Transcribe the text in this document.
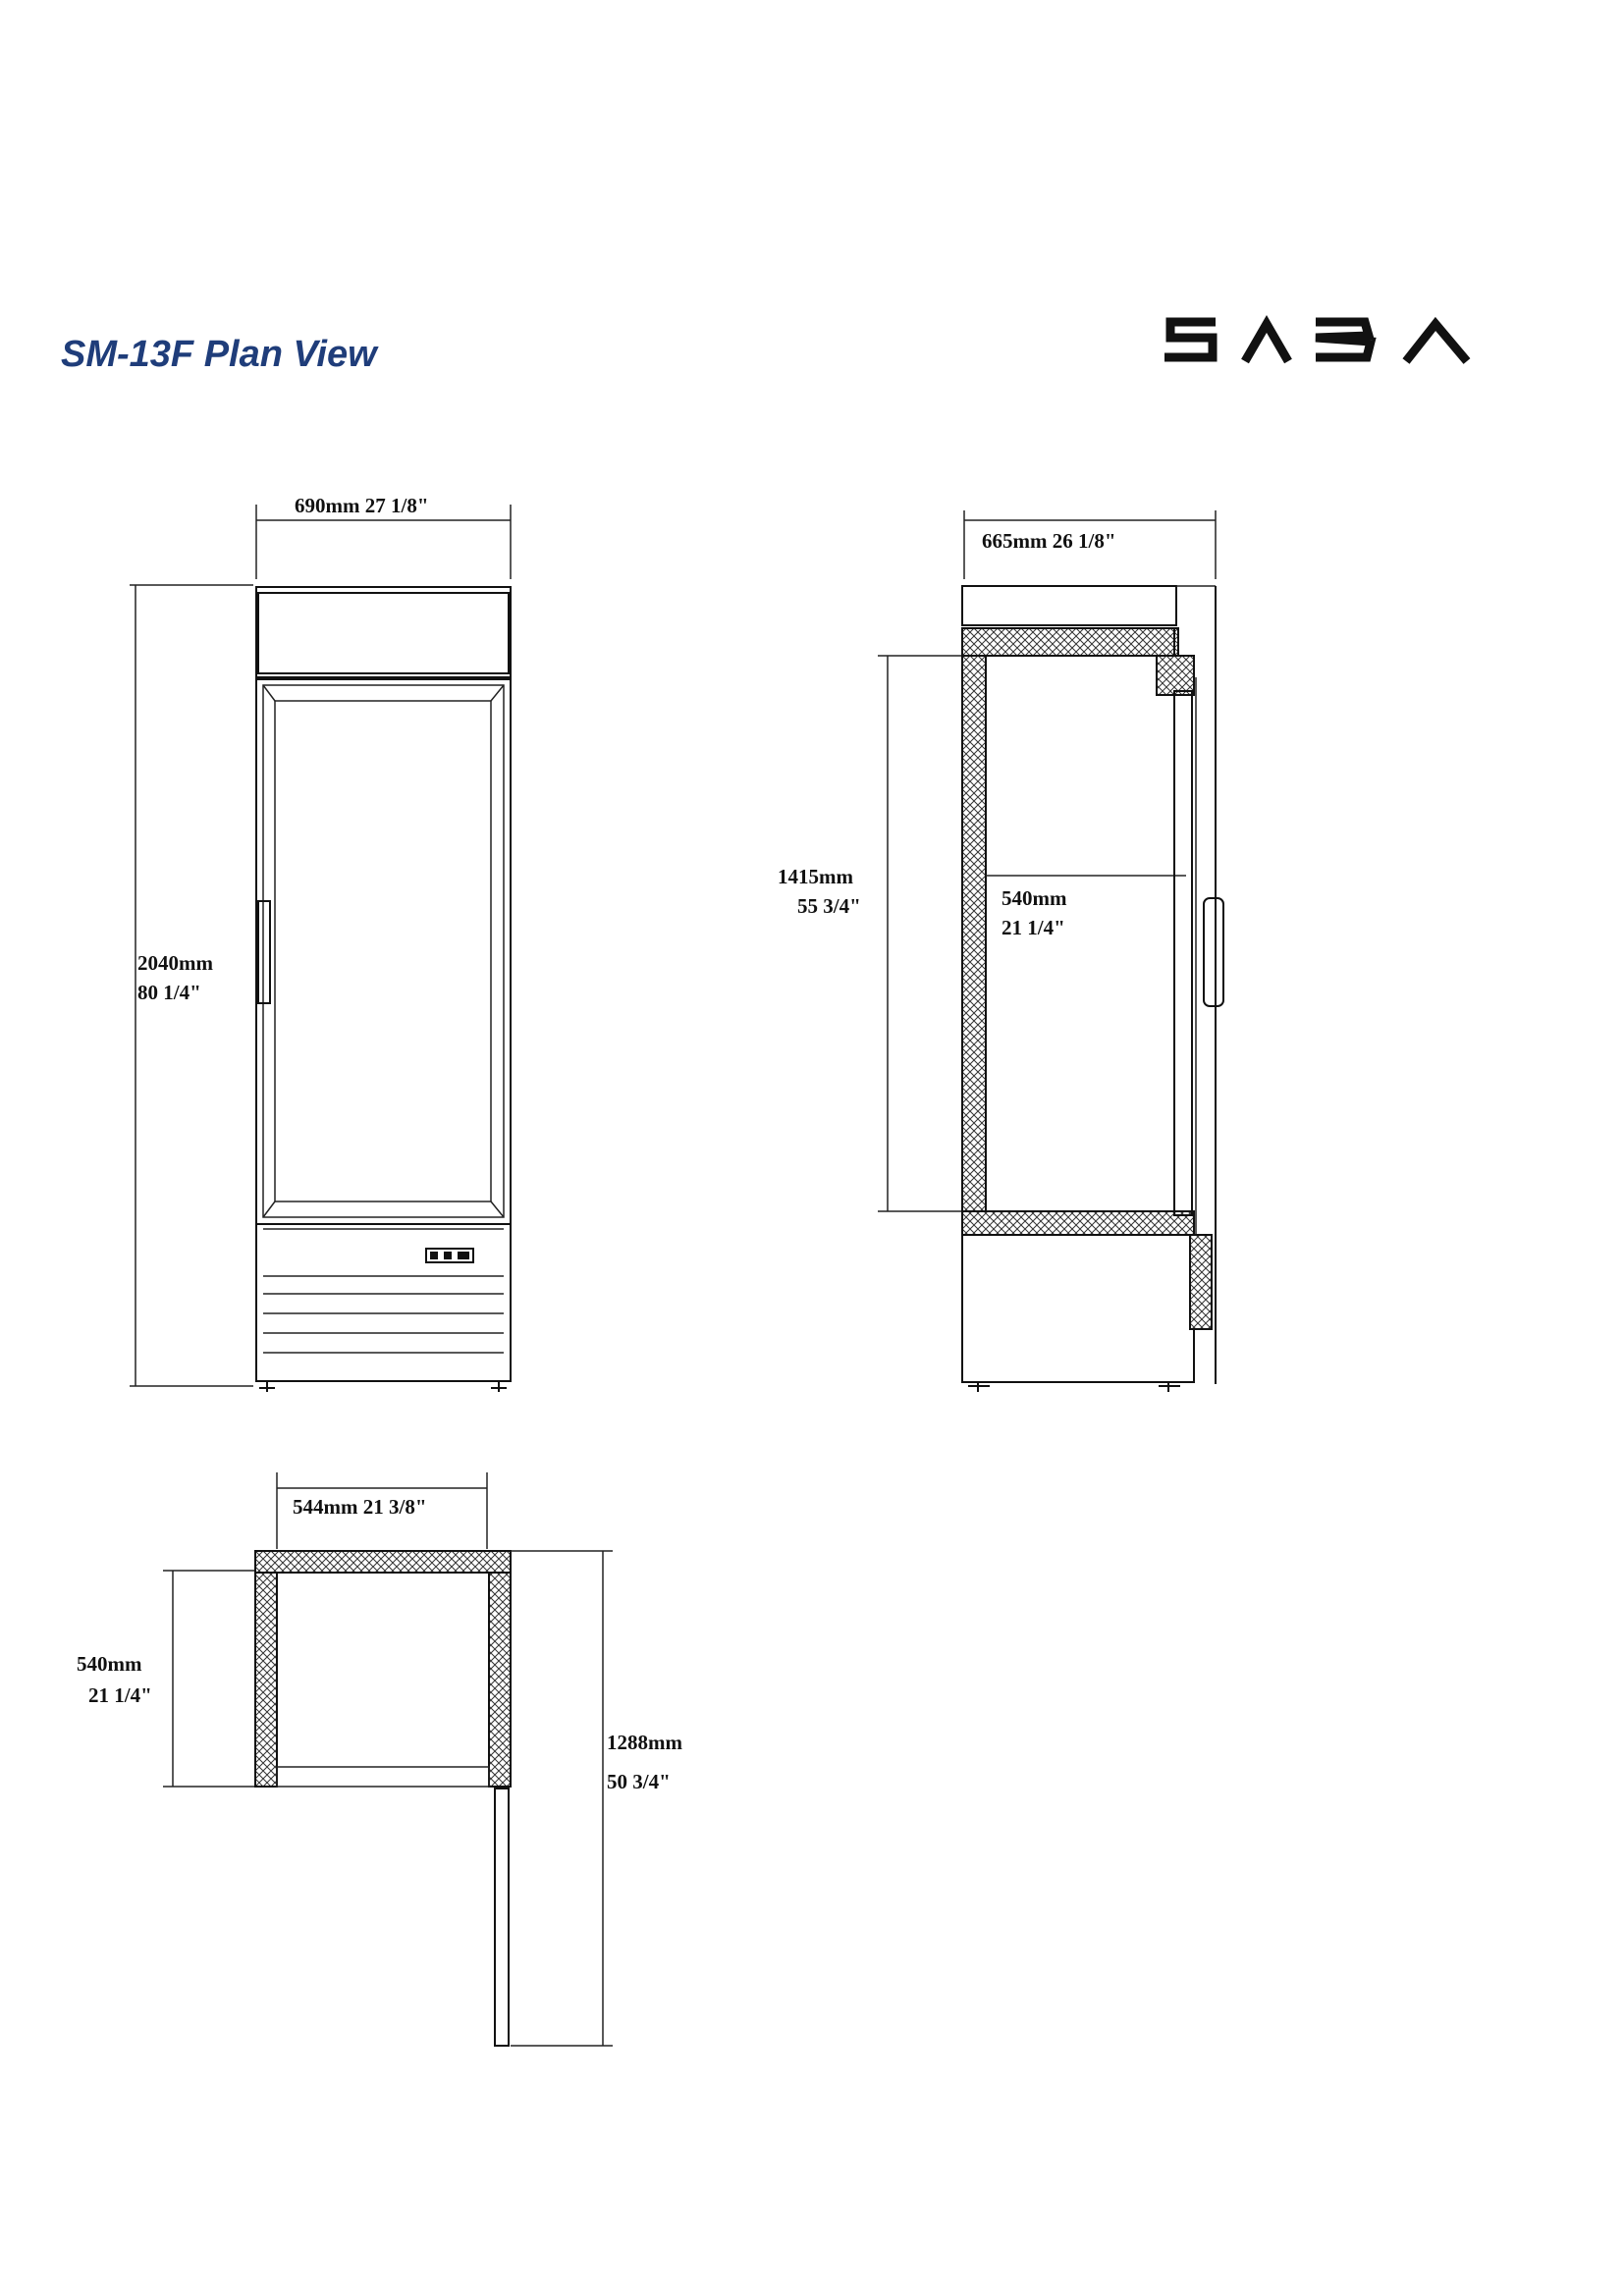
SM-13F Plan View
690mm 27 1/8"
2040mm
80 1/4"
665mm 26 1/8"
1415mm
55 3/4"	540mm
21 1/4"
544mm 21 3/8"
540mm
21 1/4"
1288mm
50 3/4"
